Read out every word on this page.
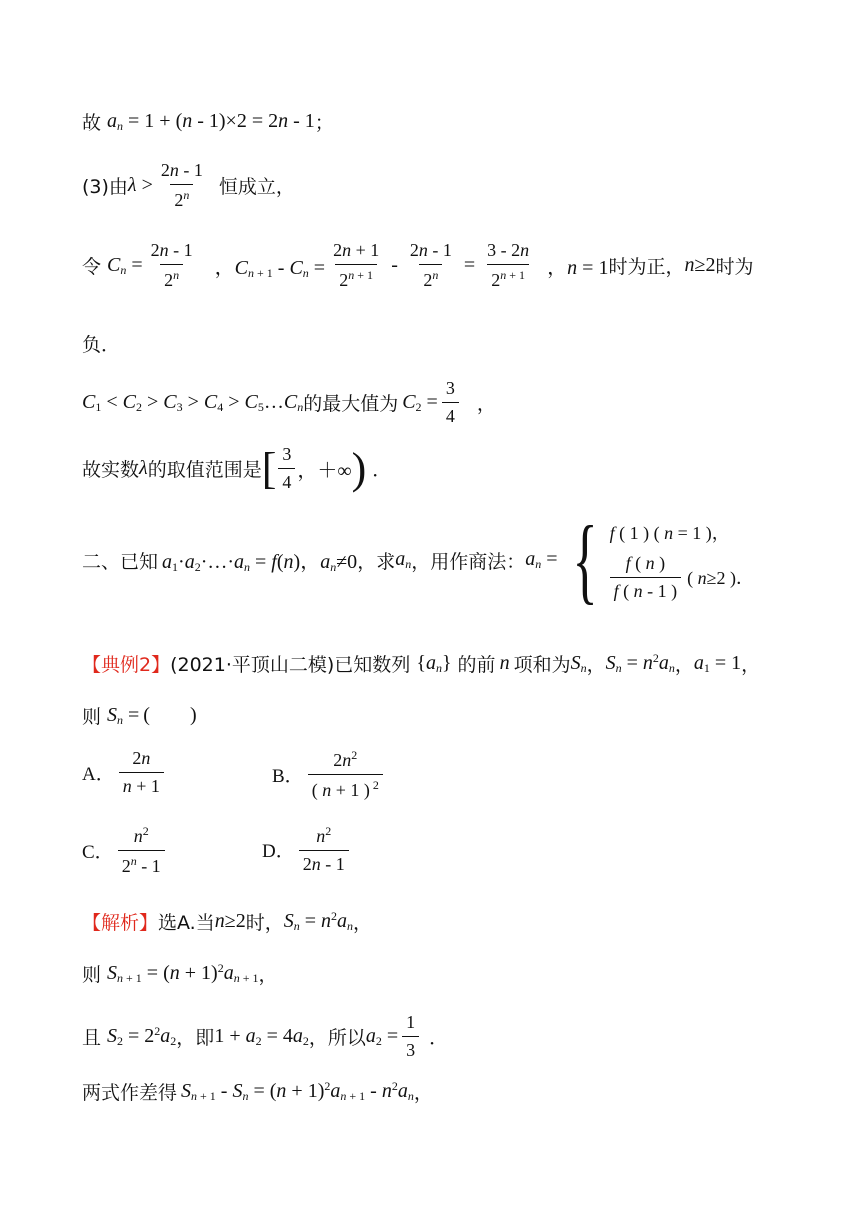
故 $a_n = 1 + (n - 1)\times 2 = 2n - 1$ ；
(3)由 $\lambda > \frac{2n - 1}{2^n}$ 恒成立，
令 $C_n = \frac{2n - 1}{2^n}$ ，$C_{n + 1} - C_n = \frac{2n + 1}{2^{n + 1}} - \frac{2n - 1}{2^n} = \frac{3 - 2n}{2^{n + 1}}$ ，n = 1 时为正， n≥2 时为
负．
$C_1 < C_2 > C_3 > C_4$ > $C_5\dots C_n$ 的最大值为 $C_2 = \frac{3}{4}$ ，
故实数 λ 的取值范围是 [ $\frac{3}{4}$ ，＋∞ ) ．
二、已知 $a_1\cdot a_2\cdot\dots\cdot a_n = f(n)$，$a_n\ne 0$ ，求 $a_n$ ，用作商法： $a_n$ = { f ( 1 ) ( n = 1 )，
$\frac{f ( n )}{f ( n - 1 )}$ ( n≥2 )．
【典例2】 (2021·平顶山二模)已知数列 $\{a_n\}$ 的前 n 项和为 $S_n$ ， $S_n = n^2a_n$ ， $a_1 = 1$ ，
则 $S_n$ = (        )
A． $\frac{2n}{n + 1}$	B． $\frac{2n^2}{( n + 1 ) ^2}$
C． $\frac{n^2}{2^n - 1}$	D． $\frac{n^2}{2n - 1}$
【解析】 选A.当 n≥2 时， $S_n = n^2a_n$ ，
则 $S_{n + 1} = (n + 1)^2a_{n + 1}$ ，
且 $S_2 = 2^2a_2$ ，即 $1 + a_2 = 4a_2$ ，所以 $a_2 = \frac{1}{3}$ ．
两式作差得 $S_{n + 1} - S_n = (n + 1)^2a_{n + 1} - n^2a_n$ ，
